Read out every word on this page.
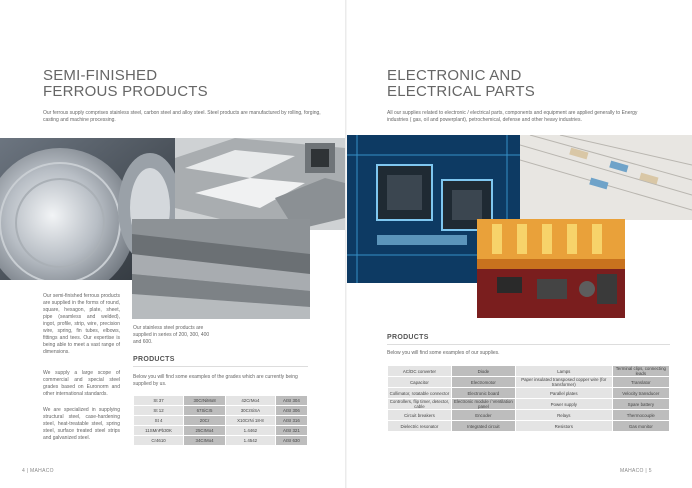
SEMI-FINISHED
FERROUS PRODUCTS

Our ferrous supply comprises stainless steel, carbon steel and alloy steel. Steel products are manufactured by rolling, forging, casting and machine processing.

Our semi-finished ferrous products are supplied in the forms of round, square, hexagon, plate, sheet, pipe (seamless and welded), ingot, profile, strip, wire, precision wire, spring, fin tubes, elbows, fittings and tees. Our expertise is being able to meet a vast range of dimensions.

We supply a large scope of commercial and special steel grades based on Euronorm and other international standards.

We are specialized in supplying structural steel, case-hardening steel, heat-treatable steel, spring steel, surface treated steel strips and galvanized steel.

Our stainless steel products are supplied in series of 200, 300, 400 and 600.

PRODUCTS

Below you will find some examples of the grades which are currently being supplied by us.

St 37	30CrNiMo8	42CrMo4	AISI 304
St 12	67SiCr5	30CrSiSA	AISI 306
St 4	20Cr	X10CrNi 18-8	AISI 316
11SMnPb30K	25CrMo4	1.4462	AISI 321
Cr4610	34CrMo4	1.4542	AISI 630
4 | MAHACO
ELECTRONIC AND
ELECTRICAL PARTS

All our supplies related to electronic / electrical parts, components and equipment are applied generally to Energy industries ( gas, oil and powerplant), petrochemical, defense and other heavy industries.

PRODUCTS

Below you will find some examples of our supplies.

AC/DC converter	Diode	Lamps	Terminal clips, connecting leads
Capacitor	Electromotor	Paper insulated transposed copper wire (for transformer)	Translator
Collimator, rotatable connector	Electronic board	Parallel plates	Velocity transducer
Controllers, flip timer, detector, cable	Electronic module / Ventilation panel	Power supply	Spare battery
Circuit breakers	Encoder	Relays	Thermocouple
Dielectric resonator	Integrated circuit	Resistors	Gas monitor
MAHACO | 5
